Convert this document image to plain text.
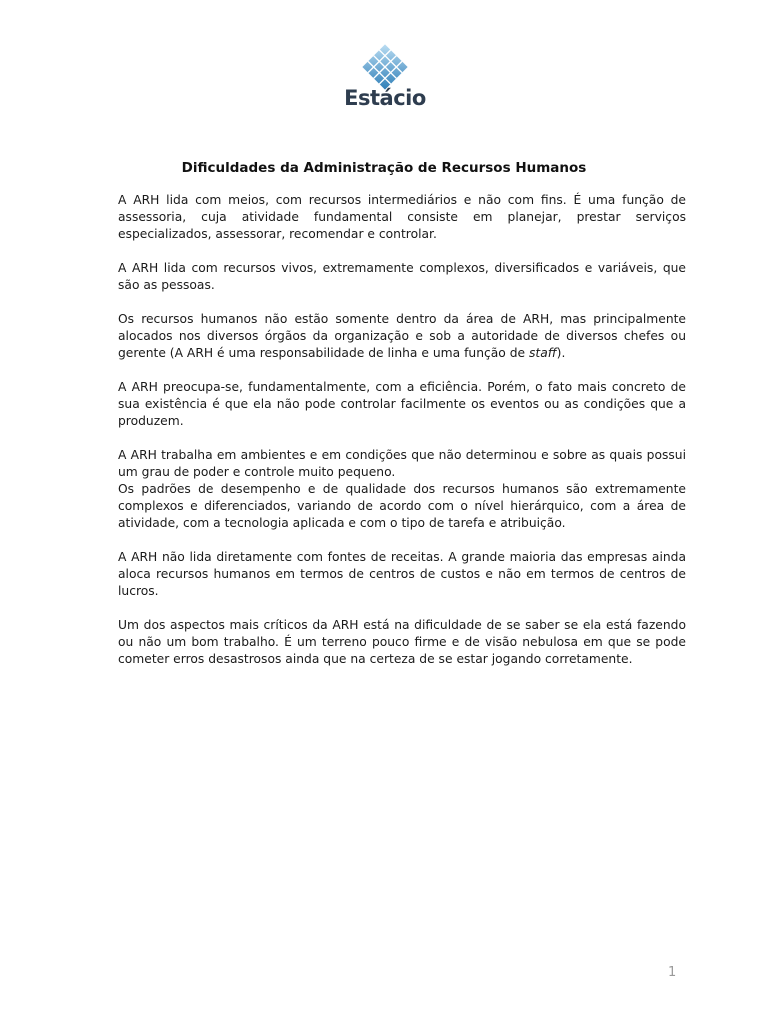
Estácio
Dificuldades da Administração de Recursos Humanos

A ARH lida com meios, com recursos intermediários e não com fins. É uma função de assessoria, cuja atividade fundamental consiste em planejar, prestar serviços especializados, assessorar, recomendar e controlar.

A ARH lida com recursos vivos, extremamente complexos, diversificados e variáveis, que são as pessoas.

Os recursos humanos não estão somente dentro da área de ARH, mas principalmente alocados nos diversos órgãos da organização e sob a autoridade de diversos chefes ou gerente (A ARH é uma responsabilidade de linha e uma função de staff).

A ARH preocupa-se, fundamentalmente, com a eficiência. Porém, o fato mais concreto de sua existência é que ela não pode controlar facilmente os eventos ou as condições que a produzem.

A ARH trabalha em ambientes e em condições que não determinou e sobre as quais possui um grau de poder e controle muito pequeno.

Os padrões de desempenho e de qualidade dos recursos humanos são extremamente complexos e diferenciados, variando de acordo com o nível hierárquico, com a área de atividade, com a tecnologia aplicada e com o tipo de tarefa e atribuição.

A ARH não lida diretamente com fontes de receitas. A grande maioria das empresas ainda aloca recursos humanos em termos de centros de custos e não em termos de centros de lucros.

Um dos aspectos mais críticos da ARH está na dificuldade de se saber se ela está fazendo ou não um bom trabalho. É um terreno pouco firme e de visão nebulosa em que se pode cometer erros desastrosos ainda que na certeza de se estar jogando corretamente.

1
